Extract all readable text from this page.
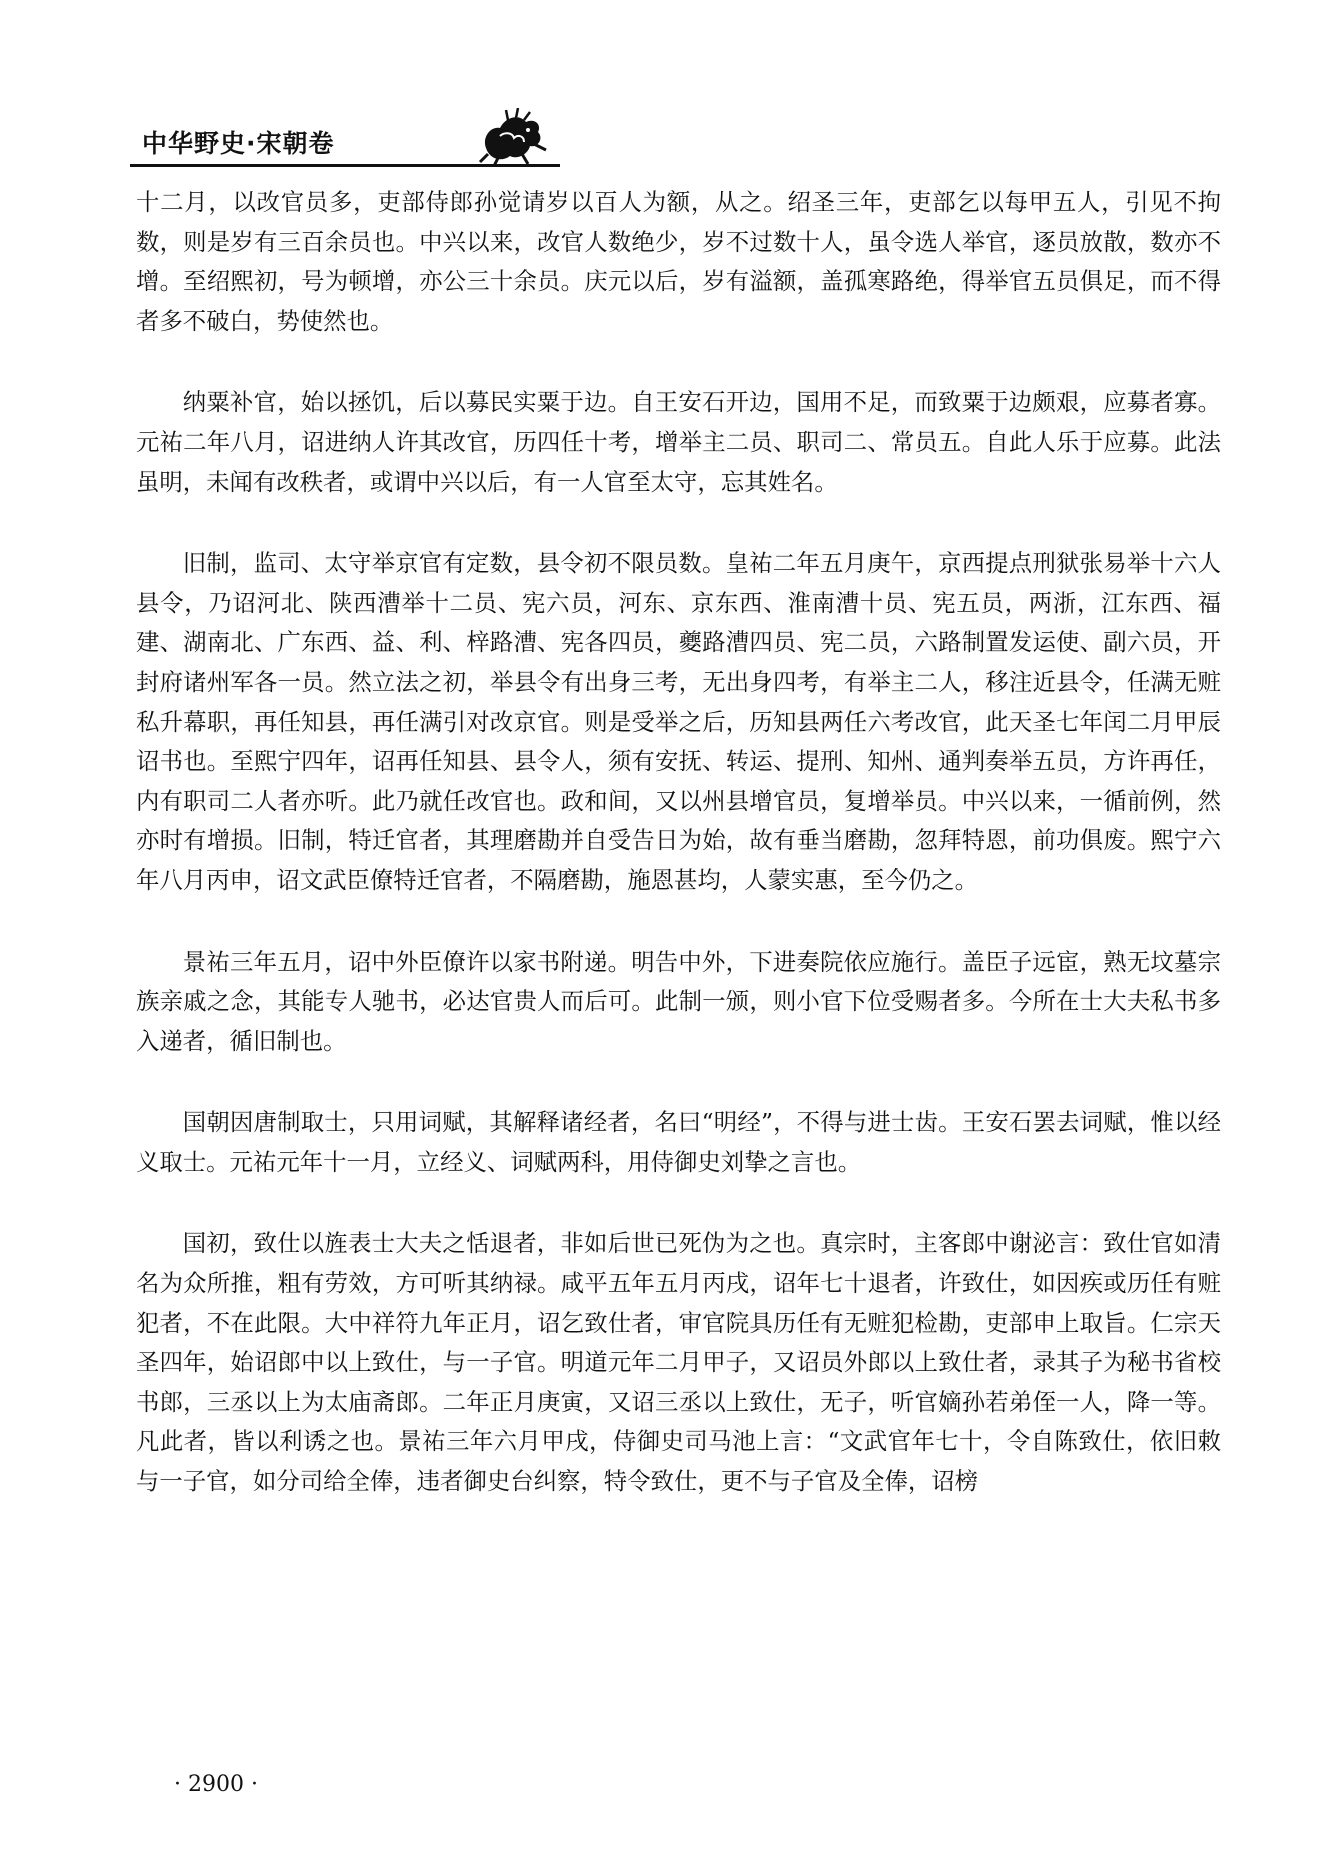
中华野史·宋朝卷

十二月，以改官员多，吏部侍郎孙觉请岁以百人为额，从之。绍圣三年，吏部乞以每甲五人，引见不拘数，则是岁有三百余员也。中兴以来，改官人数绝少，岁不过数十人，虽令选人举官，逐员放散，数亦不增。至绍熙初，号为顿增，亦公三十余员。庆元以后，岁有溢额，盖孤寒路绝，得举官五员俱足，而不得者多不破白，势使然也。

纳粟补官，始以拯饥，后以募民实粟于边。自王安石开边，国用不足，而致粟于边颇艰，应募者寡。元祐二年八月，诏进纳人许其改官，历四任十考，增举主二员、职司二、常员五。自此人乐于应募。此法虽明，未闻有改秩者，或谓中兴以后，有一人官至太守，忘其姓名。

旧制，监司、太守举京官有定数，县令初不限员数。皇祐二年五月庚午，京西提点刑狱张易举十六人县令，乃诏河北、陕西漕举十二员、宪六员，河东、京东西、淮南漕十员、宪五员，两浙，江东西、福建、湖南北、广东西、益、利、梓路漕、宪各四员，夔路漕四员、宪二员，六路制置发运使、副六员，开封府诸州军各一员。然立法之初，举县令有出身三考，无出身四考，有举主二人，移注近县令，任满无赃私升幕职，再任知县，再任满引对改京官。则是受举之后，历知县两任六考改官，此天圣七年闰二月甲辰诏书也。至熙宁四年，诏再任知县、县令人，须有安抚、转运、提刑、知州、通判奏举五员，方许再任，内有职司二人者亦听。此乃就任改官也。政和间，又以州县增官员，复增举员。中兴以来，一循前例，然亦时有增损。旧制，特迁官者，其理磨勘并自受告日为始，故有垂当磨勘，忽拜特恩，前功俱废。熙宁六年八月丙申，诏文武臣僚特迁官者，不隔磨勘，施恩甚均，人蒙实惠，至今仍之。

景祐三年五月，诏中外臣僚许以家书附递。明告中外，下进奏院依应施行。盖臣子远宦，熟无坟墓宗族亲戚之念，其能专人驰书，必达官贵人而后可。此制一颁，则小官下位受赐者多。今所在士大夫私书多入递者，循旧制也。

国朝因唐制取士，只用词赋，其解释诸经者，名曰“明经”，不得与进士齿。王安石罢去词赋，惟以经义取士。元祐元年十一月，立经义、词赋两科，用侍御史刘挚之言也。

国初，致仕以旌表士大夫之恬退者，非如后世已死伪为之也。真宗时，主客郎中谢泌言：致仕官如清名为众所推，粗有劳效，方可听其纳禄。咸平五年五月丙戌，诏年七十退者，许致仕，如因疾或历任有赃犯者，不在此限。大中祥符九年正月，诏乞致仕者，审官院具历任有无赃犯检勘，吏部申上取旨。仁宗天圣四年，始诏郎中以上致仕，与一子官。明道元年二月甲子，又诏员外郎以上致仕者，录其子为秘书省校书郎，三丞以上为太庙斋郎。二年正月庚寅，又诏三丞以上致仕，无子，听官嫡孙若弟侄一人，降一等。凡此者，皆以利诱之也。景祐三年六月甲戌，侍御史司马池上言：“文武官年七十，令自陈致仕，依旧敕与一子官，如分司给全俸，违者御史台纠察，特令致仕，更不与子官及全俸，诏榜

· 2900 ·
